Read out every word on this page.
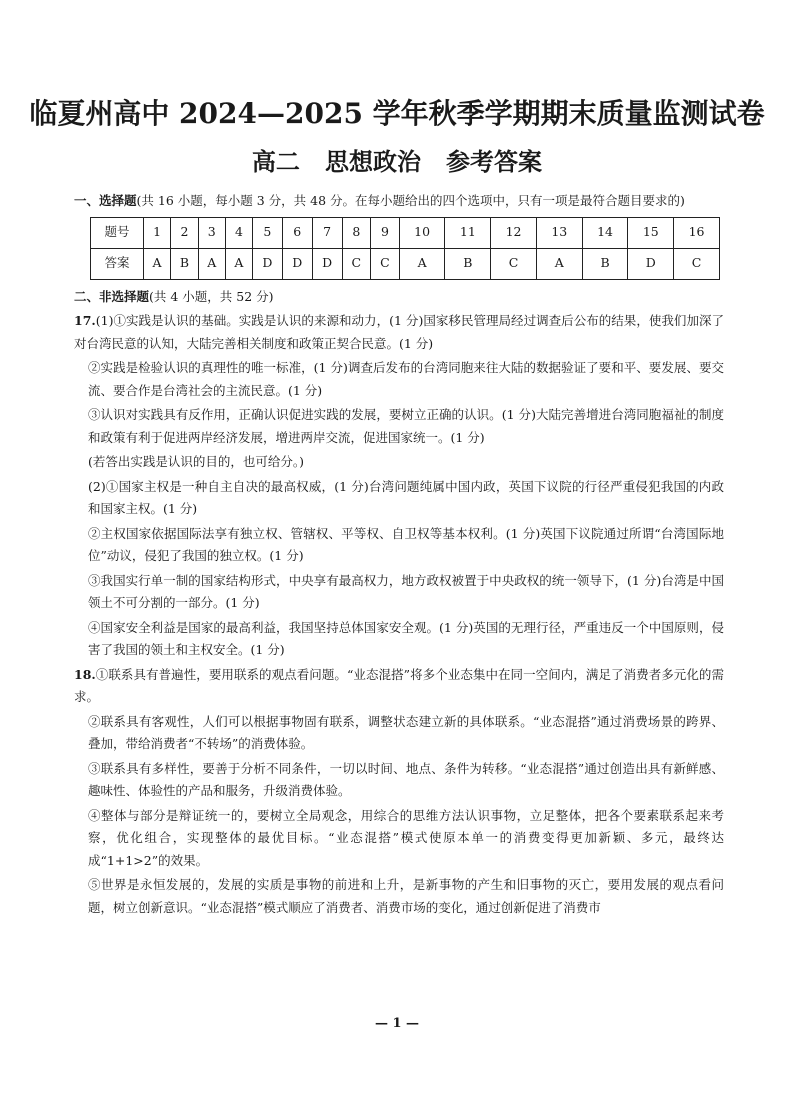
临夏州高中 2024—2025 学年秋季学期期末质量监测试卷
高二   思想政治   参考答案

一、选择题(共 16 小题，每小题 3 分，共 48 分。在每小题给出的四个选项中，只有一项是最符合题目要求的)

题号	1	2	3	4	5	6	7	8	9	10	11	12	13	14	15	16
答案	A	B	A	A	D	D	D	C	C	A	B	C	A	B	D	C

二、非选择题(共 4 小题，共 52 分)

17.(1)①实践是认识的基础。实践是认识的来源和动力，(1 分)国家移民管理局经过调查后公布的结果，使我们加深了对台湾民意的认知，大陆完善相关制度和政策正契合民意。(1 分)

②实践是检验认识的真理性的唯一标准，(1 分)调查后发布的台湾同胞来往大陆的数据验证了要和平、要发展、要交流、要合作是台湾社会的主流民意。(1 分)

③认识对实践具有反作用，正确认识促进实践的发展，要树立正确的认识。(1 分)大陆完善增进台湾同胞福祉的制度和政策有利于促进两岸经济发展，增进两岸交流，促进国家统一。(1 分)

(若答出实践是认识的目的，也可给分。)

(2)①国家主权是一种自主自决的最高权威，(1 分)台湾问题纯属中国内政，英国下议院的行径严重侵犯我国的内政和国家主权。(1 分)

②主权国家依据国际法享有独立权、管辖权、平等权、自卫权等基本权利。(1 分)英国下议院通过所谓“台湾国际地位”动议，侵犯了我国的独立权。(1 分)

③我国实行单一制的国家结构形式，中央享有最高权力，地方政权被置于中央政权的统一领导下，(1 分)台湾是中国领土不可分割的一部分。(1 分)

④国家安全利益是国家的最高利益，我国坚持总体国家安全观。(1 分)英国的无理行径，严重违反一个中国原则，侵害了我国的领土和主权安全。(1 分)

18.①联系具有普遍性，要用联系的观点看问题。“业态混搭”将多个业态集中在同一空间内，满足了消费者多元化的需求。

②联系具有客观性，人们可以根据事物固有联系，调整状态建立新的具体联系。“业态混搭”通过消费场景的跨界、叠加，带给消费者“不转场”的消费体验。

③联系具有多样性，要善于分析不同条件，一切以时间、地点、条件为转移。“业态混搭”通过创造出具有新鲜感、趣味性、体验性的产品和服务，升级消费体验。

④整体与部分是辩证统一的，要树立全局观念，用综合的思维方法认识事物，立足整体，把各个要素联系起来考察，优化组合，实现整体的最优目标。“业态混搭”模式使原本单一的消费变得更加新颖、多元，最终达成“1+1>2”的效果。

⑤世界是永恒发展的，发展的实质是事物的前进和上升，是新事物的产生和旧事物的灭亡，要用发展的观点看问题，树立创新意识。“业态混搭”模式顺应了消费者、消费市场的变化，通过创新促进了消费市

— 1 —
